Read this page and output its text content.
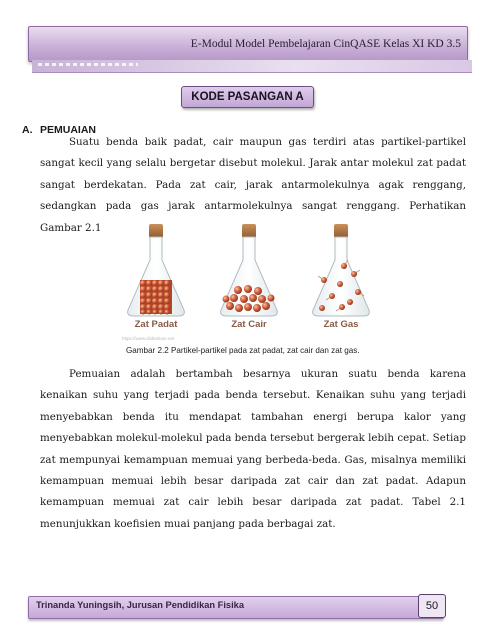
E-Modul Model Pembelajaran CinQASE Kelas XI KD 3.5
KODE PASANGAN A
A. PEMUAIAN

Suatu benda baik padat, cair maupun gas terdiri atas partikel-partikel sangat kecil yang selalu bergetar disebut molekul. Jarak antar molekul zat padat sangat berdekatan. Pada zat cair, jarak antarmolekulnya agak renggang, sedangkan pada gas jarak antarmolekulnya sangat renggang. Perhatikan Gambar 2.1

Zat Padat	Zat Cair	Zat Gas
https://www.slideshare.net
Gambar 2.2 Partikel-partikel pada zat padat, zat cair dan zat gas.

Pemuaian adalah bertambah besarnya ukuran suatu benda karena kenaikan suhu yang terjadi pada benda tersebut. Kenaikan suhu yang terjadi menyebabkan benda itu mendapat tambahan energi berupa kalor yang menyebabkan molekul-molekul pada benda tersebut bergerak lebih cepat. Setiap zat mempunyai kemampuan memuai yang berbeda-beda. Gas, misalnya memiliki kemampuan memuai lebih besar daripada zat cair dan zat padat. Adapun kemampuan memuai zat cair lebih besar daripada zat padat. Tabel 2.1 menunjukkan koefisien muai panjang pada berbagai zat.

Trinanda Yuningsih, Jurusan Pendidikan Fisika	50
